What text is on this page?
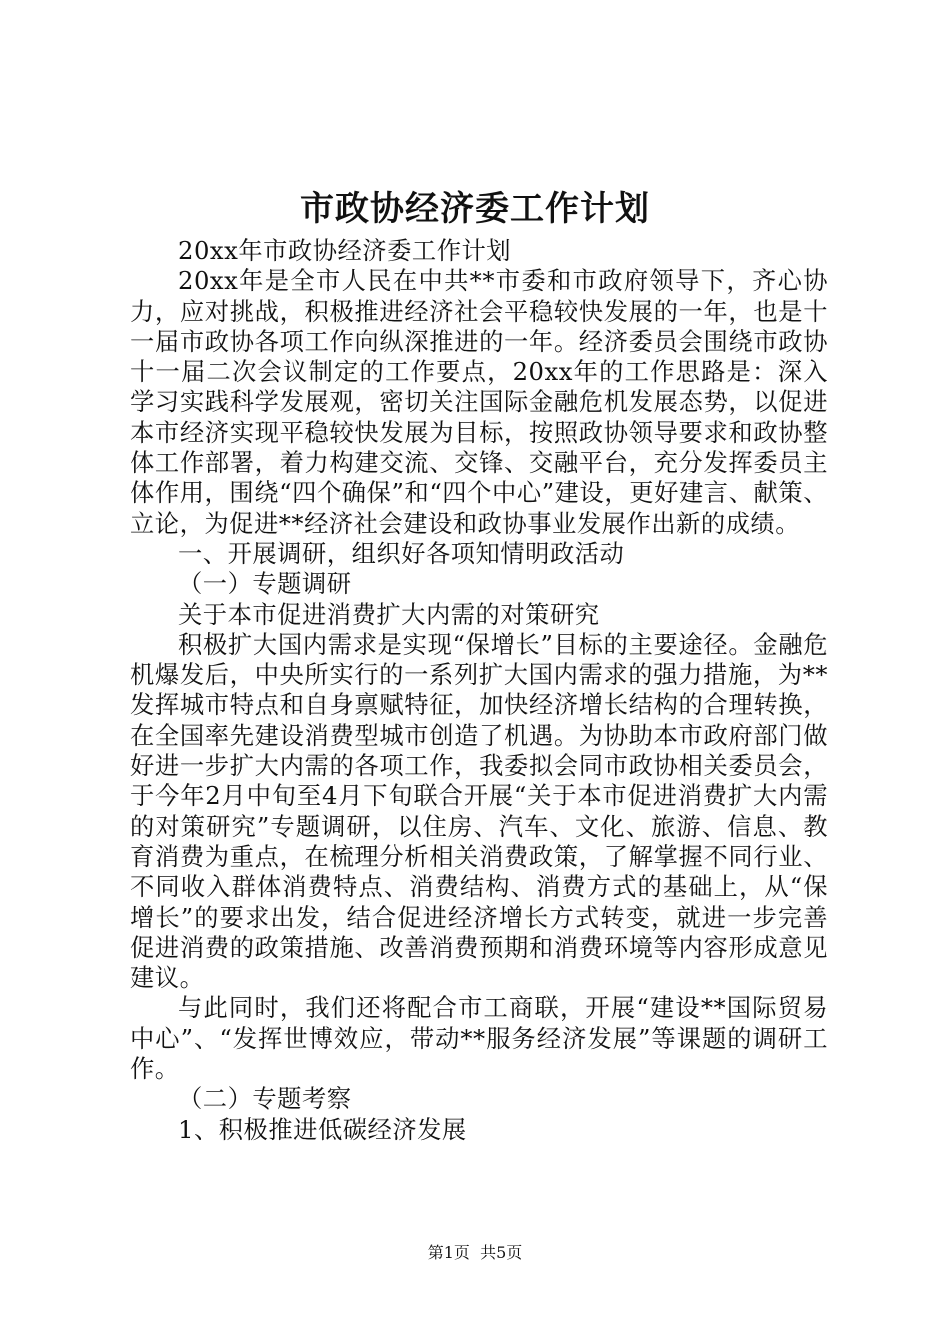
市政协经济委工作计划

20xx年市政协经济委工作计划

20xx年是全市人民在中共**市委和市政府领导下，齐心协力，应对挑战，积极推进经济社会平稳较快发展的一年，也是十一届市政协各项工作向纵深推进的一年。经济委员会围绕市政协十一届二次会议制定的工作要点，20xx年的工作思路是：深入学习实践科学发展观，密切关注国际金融危机发展态势，以促进本市经济实现平稳较快发展为目标，按照政协领导要求和政协整体工作部署，着力构建交流、交锋、交融平台，充分发挥委员主体作用，围绕“四个确保”和“四个中心”建设，更好建言、献策、立论，为促进**经济社会建设和政协事业发展作出新的成绩。

一、开展调研，组织好各项知情明政活动

（一）专题调研

关于本市促进消费扩大内需的对策研究

积极扩大国内需求是实现“保增长”目标的主要途径。金融危机爆发后，中央所实行的一系列扩大国内需求的强力措施，为**发挥城市特点和自身禀赋特征，加快经济增长结构的合理转换，在全国率先建设消费型城市创造了机遇。为协助本市政府部门做好进一步扩大内需的各项工作，我委拟会同市政协相关委员会，于今年2月中旬至4月下旬联合开展“关于本市促进消费扩大内需的对策研究”专题调研，以住房、汽车、文化、旅游、信息、教育消费为重点，在梳理分析相关消费政策，了解掌握不同行业、不同收入群体消费特点、消费结构、消费方式的基础上，从“保增长”的要求出发，结合促进经济增长方式转变，就进一步完善促进消费的政策措施、改善消费预期和消费环境等内容形成意见建议。

与此同时，我们还将配合市工商联，开展“建设**国际贸易中心”、“发挥世博效应，带动**服务经济发展”等课题的调研工作。

（二）专题考察

1、积极推进低碳经济发展

第1页  共5页
